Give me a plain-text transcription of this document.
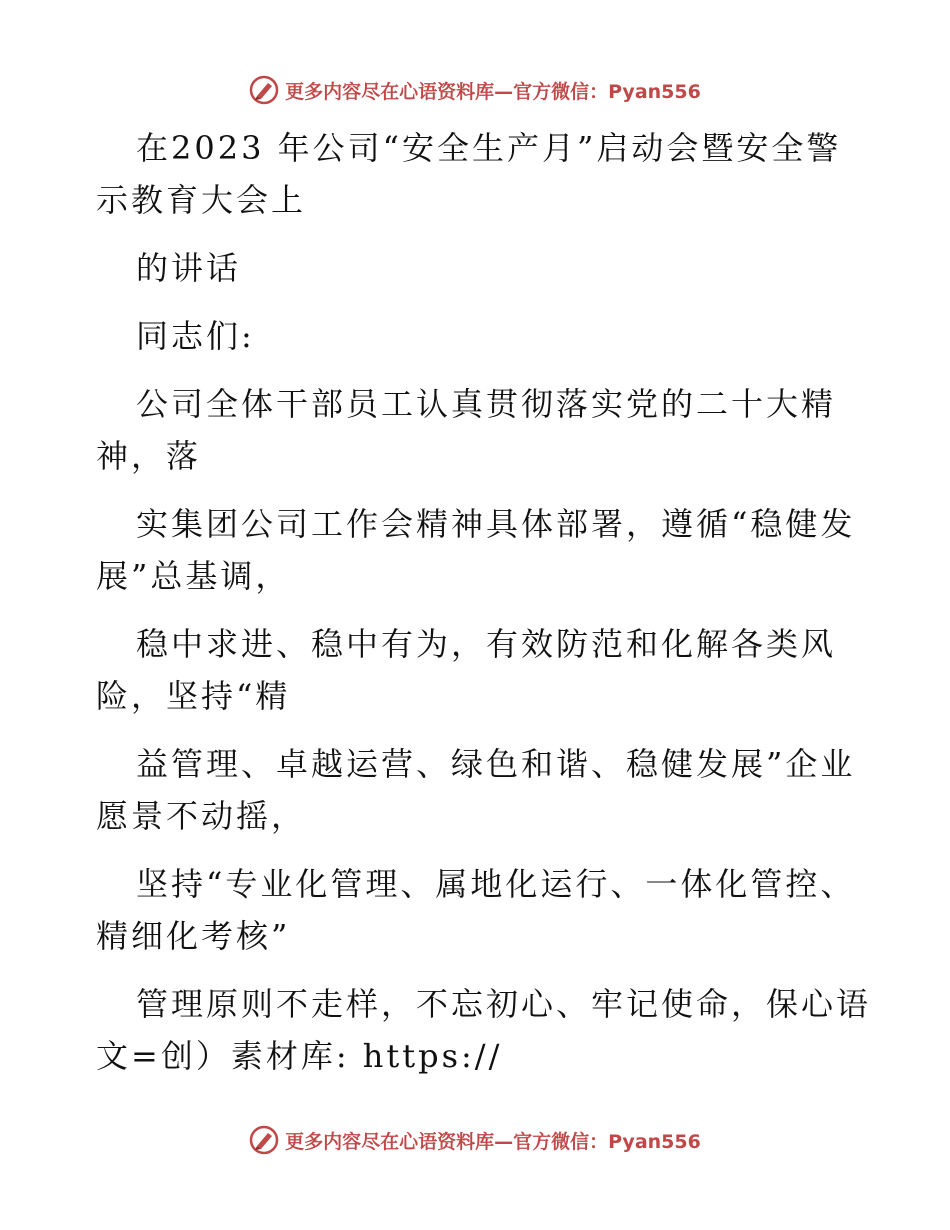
更多内容尽在心语资料库—官方微信：Pyan556
在2023 年公司“安全生产月”启动会暨安全警
示教育大会上
的讲话
同志们:
公司全体干部员工认真贯彻落实党的二十大精
神，落
实集团公司工作会精神具体部署，遵循“稳健发
展”总基调，
稳中求进、稳中有为，有效防范和化解各类风
险，坚持“精
益管理、卓越运营、绿色和谐、稳健发展”企业
愿景不动摇，
坚持“专业化管理、属地化运行、一体化管控、
精细化考核”
管理原则不走样，不忘初心、牢记使命，保心语
文=创）素材库: https://
更多内容尽在心语资料库—官方微信：Pyan556
